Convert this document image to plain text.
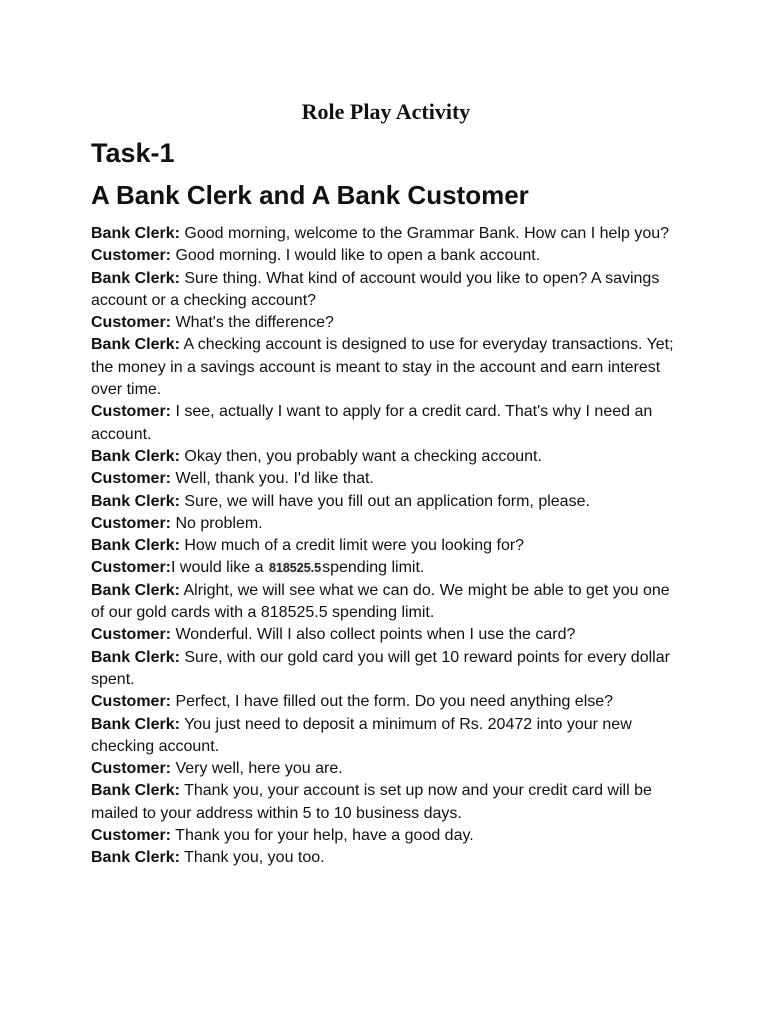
Role Play Activity
Task-1
A Bank Clerk and A Bank Customer

Bank Clerk: Good morning, welcome to the Grammar Bank. How can I help you?

Customer: Good morning. I would like to open a bank account.

Bank Clerk: Sure thing. What kind of account would you like to open? A savings account or a checking account?

Customer: What's the difference?

Bank Clerk: A checking account is designed to use for everyday transactions. Yet; the money in a savings account is meant to stay in the account and earn interest over time.

Customer: I see, actually I want to apply for a credit card. That's why I need an account.

Bank Clerk: Okay then, you probably want a checking account.

Customer: Well, thank you. I'd like that.

Bank Clerk: Sure, we will have you fill out an application form, please.

Customer: No problem.

Bank Clerk: How much of a credit limit were you looking for?

Customer:I would like a 818525.5spending limit.

Bank Clerk: Alright, we will see what we can do. We might be able to get you one of our gold cards with a 818525.5 spending limit.

Customer: Wonderful. Will I also collect points when I use the card?

Bank Clerk: Sure, with our gold card you will get 10 reward points for every dollar spent.

Customer: Perfect, I have filled out the form. Do you need anything else?

Bank Clerk: You just need to deposit a minimum of Rs. 20472 into your new checking account.

Customer: Very well, here you are.

Bank Clerk: Thank you, your account is set up now and your credit card will be mailed to your address within 5 to 10 business days.

Customer: Thank you for your help, have a good day.

Bank Clerk: Thank you, you too.
